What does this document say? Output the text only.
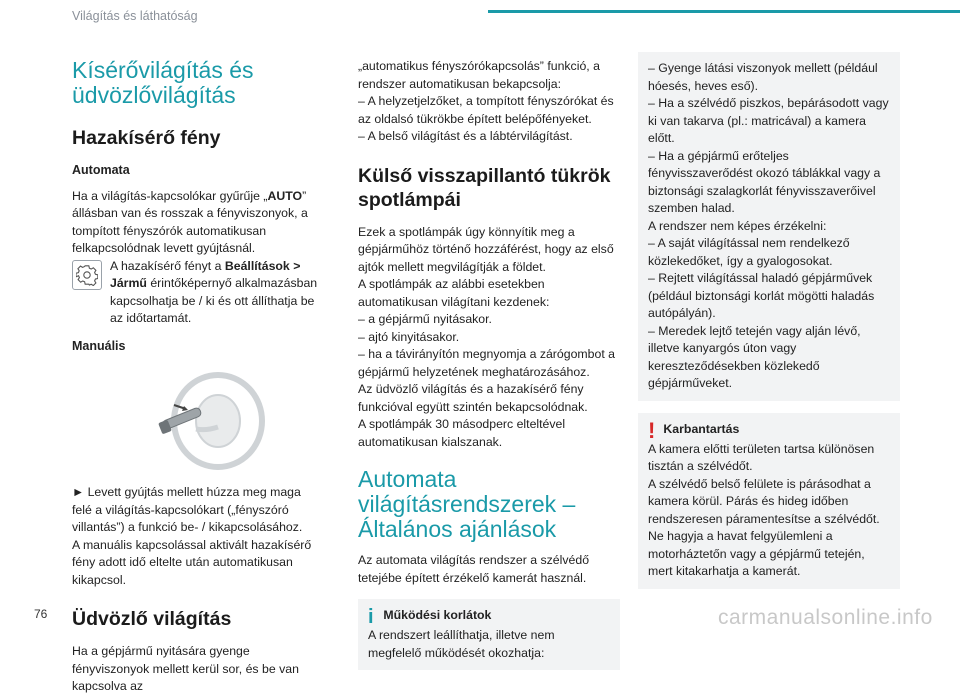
Világítás és láthatóság
Kísérővilágítás és
üdvözlővilágítás
Hazakísérő fény
Automata

Ha a világítás-kapcsolókar gyűrűje „AUTO” állásban van és rosszak a fényviszonyok, a tompított fényszórók automatikusan felkapcsolódnak levett gyújtásnál.

A hazakísérő fényt a Beállítások > Jármű érintőképernyő alkalmazásban kapcsolhatja be / ki és ott állíthatja be az időtartamát.

Manuális

► Levett gyújtás mellett húzza meg maga felé a világítás-kapcsolókart („fényszóró villantás”) a funkció be- / kikapcsolásához.

A manuális kapcsolással aktivált hazakísérő fény adott idő eltelte után automatikusan kikapcsol.

Üdvözlő világítás

Ha a gépjármű nyitására gyenge fényviszonyok mellett kerül sor, és be van kapcsolva az

„automatikus fényszórókapcsolás” funkció, a rendszer automatikusan bekapcsolja:

– A helyzetjelzőket, a tompított fényszórókat és az oldalsó tükrökbe épített belépőfényeket.

– A belső világítást és a lábtérvilágítást.

Külső visszapillantó tükrök spotlámpái

Ezek a spotlámpák úgy könnyítik meg a gépjárműhöz történő hozzáférést, hogy az első ajtók mellett megvilágítják a földet.

A spotlámpák az alábbi esetekben automatikusan világítani kezdenek:

– a gépjármű nyitásakor.

– ajtó kinyitásakor.

– ha a távirányítón megnyomja a zárógombot a gépjármű helyzetének meghatározásához.

Az üdvözlő világítás és a hazakísérő fény funkcióval együtt szintén bekapcsolódnak.

A spotlámpák 30 másodperc elteltével automatikusan kialszanak.

Automata világításrendszerek – Általános ajánlások

Az automata világítás rendszer a szélvédő tetejébe épített érzékelő kamerát használ.

i Működési korlátok

A rendszert leállíthatja, illetve nem megfelelő működését okozhatja:

– Gyenge látási viszonyok mellett (például hóesés, heves eső).

– Ha a szélvédő piszkos, bepárásodott vagy ki van takarva (pl.: matricával) a kamera előtt.

– Ha a gépjármű erőteljes fényvisszaverődést okozó táblákkal vagy a biztonsági szalagkorlát fényvisszaverőivel szemben halad.

A rendszer nem képes érzékelni:

– A saját világítással nem rendelkező közlekedőket, így a gyalogosokat.

– Rejtett világítással haladó gépjárművek (például biztonsági korlát mögötti haladás autópályán).

– Meredek lejtő tetején vagy alján lévő, illetve kanyargós úton vagy kereszteződésekben közlekedő gépjárműveket.

! Karbantartás

A kamera előtti területen tartsa különösen tisztán a szélvédőt.

A szélvédő belső felülete is párásodhat a kamera körül. Párás és hideg időben rendszeresen páramentesítse a szélvédőt.

Ne hagyja a havat felgyülemleni a motorháztetőn vagy a gépjármű tetején, mert kitakarhatja a kamerát.

76	carmanualsonline.info
